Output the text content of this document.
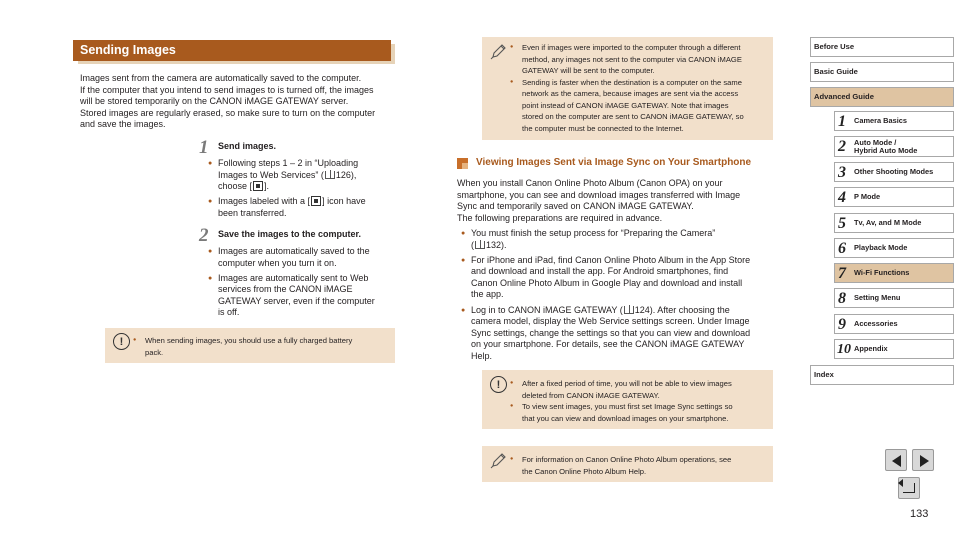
Sending Images
Images sent from the camera are automatically saved to the computer.
If the computer that you intend to send images to is turned off, the images
will be stored temporarily on the CANON iMAGE GATEWAY server.
Stored images are regularly erased, so make sure to turn on the computer
and save the images.
1 Send images.
● Following steps 1 – 2 in “Uploading
Images to Web Services” ( 126),
choose [ ].
● Images labeled with a [ ] icon have
been transferred.
2 Save the images to the computer.
● Images are automatically saved to the
computer when you turn it on.
● Images are automatically sent to Web
services from the CANON iMAGE
GATEWAY server, even if the computer
is off.
!	● When sending images, you should use a fully charged battery
pack.
● Even if images were imported to the computer through a different
method, any images not sent to the computer via CANON iMAGE
GATEWAY will be sent to the computer.
● Sending is faster when the destination is a computer on the same
network as the camera, because images are sent via the access
point instead of CANON iMAGE GATEWAY. Note that images
stored on the computer are sent to CANON iMAGE GATEWAY, so
the computer must be connected to the Internet.
Viewing Images Sent via Image Sync on Your Smartphone
When you install Canon Online Photo Album (Canon OPA) on your
smartphone, you can see and download images transferred with Image
Sync and temporarily saved on CANON iMAGE GATEWAY.
The following preparations are required in advance.
● You must finish the setup process for “Preparing the Camera”
( 132).
● For iPhone and iPad, find Canon Online Photo Album in the App Store
and download and install the app. For Android smartphones, find
Canon Online Photo Album in Google Play and download and install
the app.
● Log in to CANON iMAGE GATEWAY ( 124). After choosing the
camera model, display the Web Service settings screen. Under Image
Sync settings, change the settings so that you can view and download
on your smartphone. For details, see the CANON iMAGE GATEWAY
Help.
!	● After a fixed period of time, you will not be able to view images
deleted from CANON iMAGE GATEWAY.
● To view sent images, you must first set Image Sync settings so
that you can view and download images on your smartphone.
● For information on Canon Online Photo Album operations, see
the Canon Online Photo Album Help.
Before Use
Basic Guide
Advanced Guide
1 Camera Basics
2 Auto Mode /
Hybrid Auto Mode
3 Other Shooting Modes
4 P Mode
5 Tv, Av, and M Mode
6 Playback Mode
7 Wi-Fi Functions
8 Setting Menu
9 Accessories
10 Appendix
Index
133
